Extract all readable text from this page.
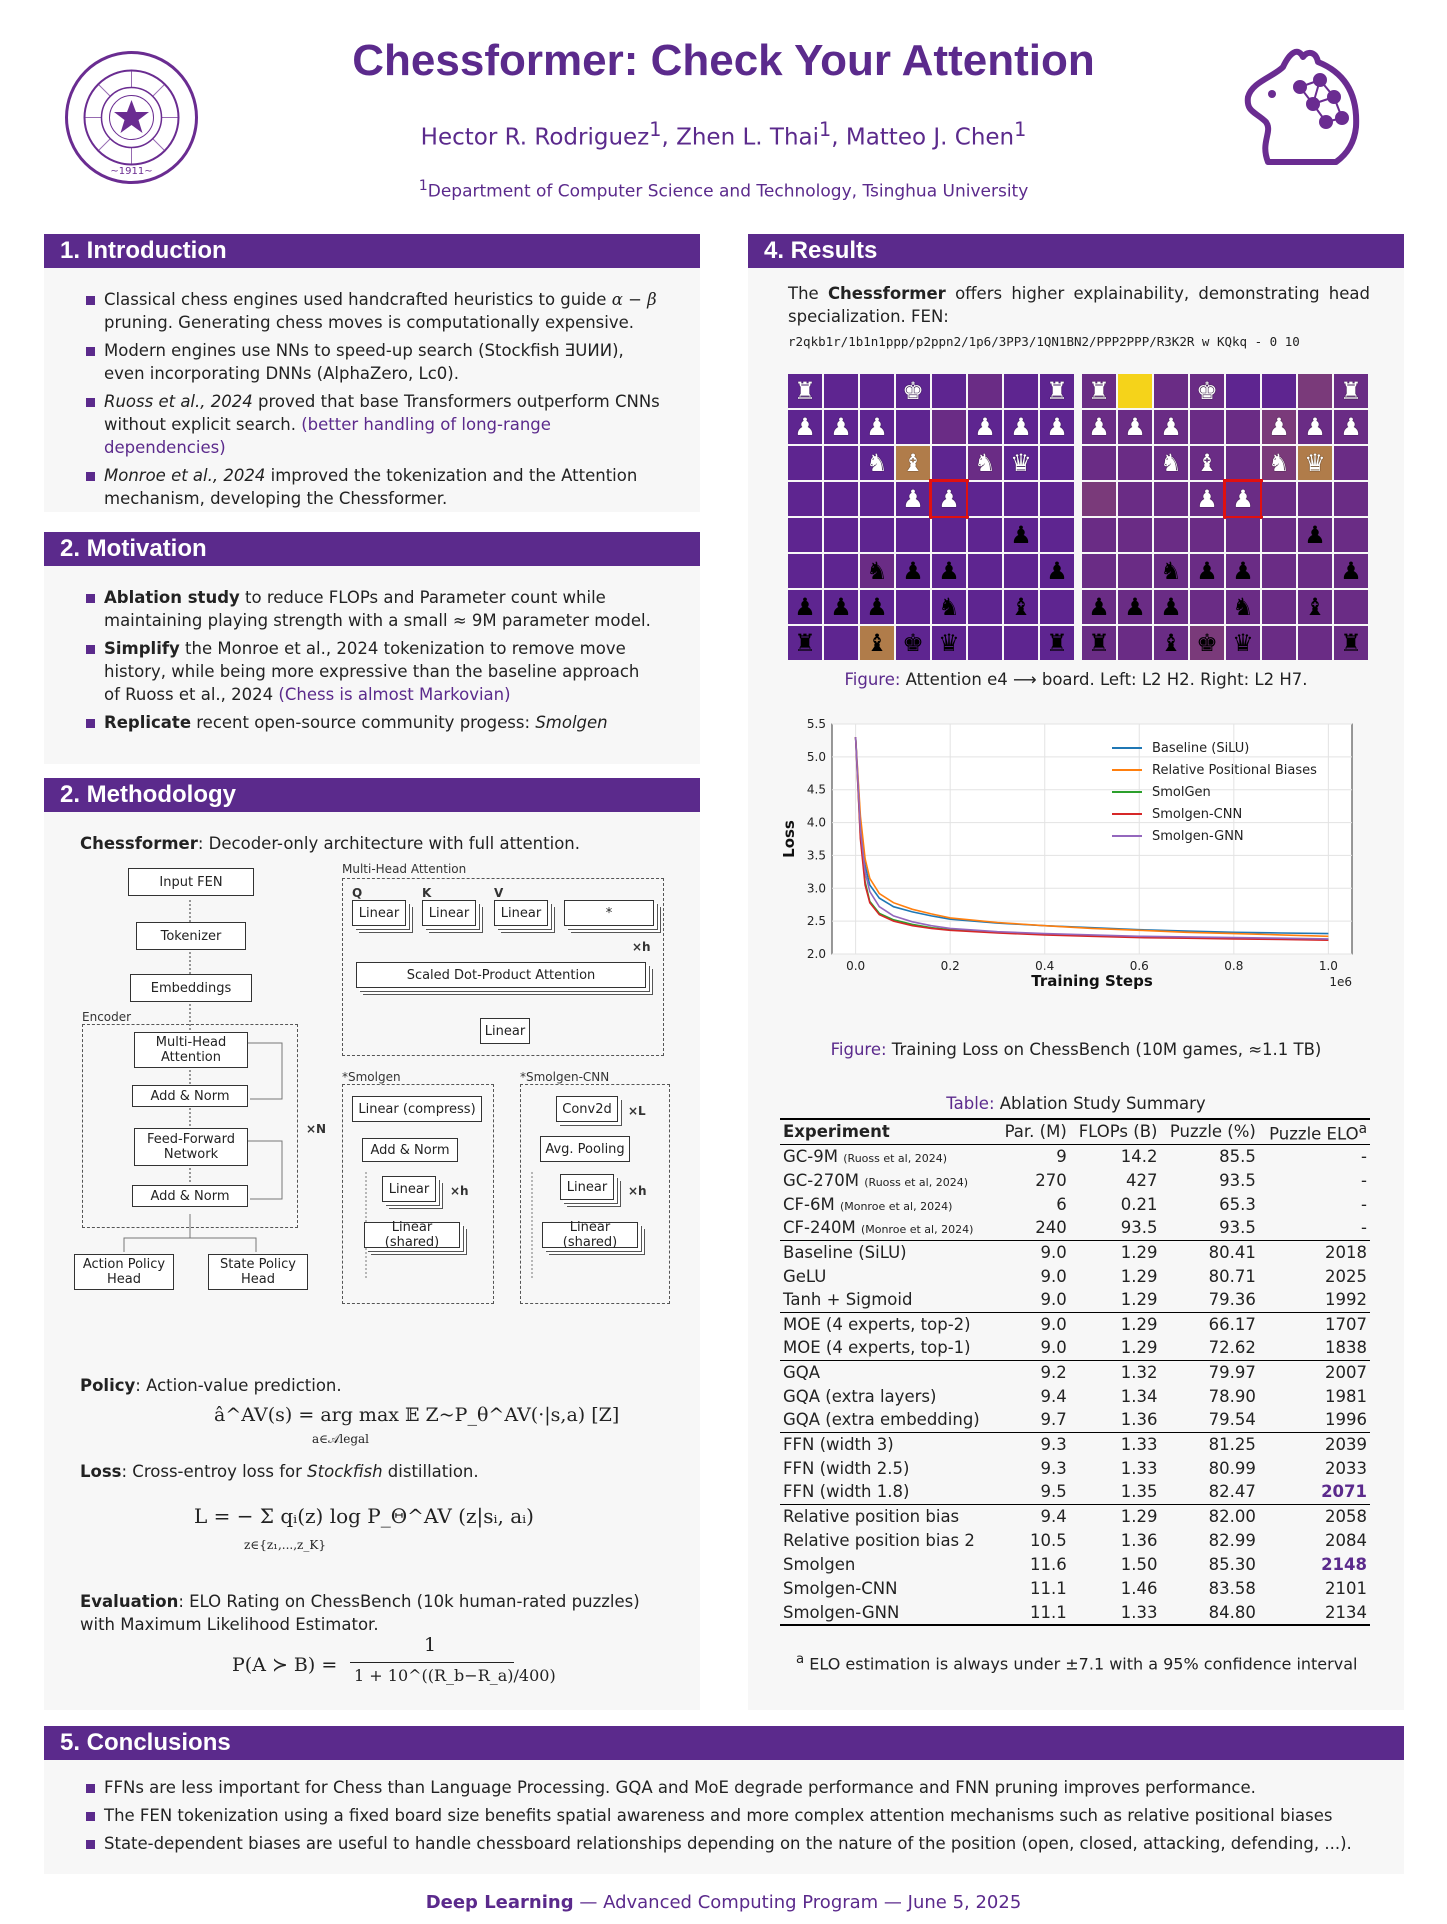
~1911~
Chessformer: Check Your Attention
Hector R. Rodriguez$^1$, Zhen L. Thai$^1$, Matteo J. Chen$^1$
$^1$Department of Computer Science and Technology, Tsinghua University
1. Introduction
Classical chess engines used handcrafted heuristics to guide α − β pruning. Generating chess moves is computationally expensive.
Modern engines use NNs to speed-up search (Stockfish ƎUИИ), even incorporating DNNs (AlphaZero, Lc0).
Ruoss et al., 2024 proved that base Transformers outperform CNNs without explicit search. (better handling of long-range dependencies)
Monroe et al., 2024 improved the tokenization and the Attention mechanism, developing the Chessformer.
2. Motivation
Ablation study to reduce FLOPs and Parameter count while maintaining playing strength with a small ≈ 9M parameter model.
Simplify the Monroe et al., 2024 tokenization to remove move history, while being more expressive than the baseline approach of Ruoss et al., 2024 (Chess is almost Markovian)
Replicate recent open-source community progess: Smolgen
2. Methodology
Chessformer: Decoder-only architecture with full attention.
Input FEN
Tokenizer
Embeddings
Encoder
Multi-Head Attention
Add & Norm
Feed-Forward Network
Add & Norm
×N
Action Policy Head
State Policy Head
Multi-Head Attention
Q	K	V
Linear	Linear	Linear	*
×h
Scaled Dot-Product Attention
Linear
*Smolgen
Linear (compress)
Add & Norm
Linear	×h
Linear (shared)
*Smolgen-CNN
Conv2d	×L
Avg. Pooling
Linear	×h
Linear (shared)
Policy: Action-value prediction.
â^AV(s) = arg max 𝔼 Z~P_θ^AV(·|s,a) [Z]
a∈𝒜legal
Loss: Cross-entroy loss for Stockfish distillation.
L = − Σ qᵢ(z) log P_Θ^AV (z|sᵢ, aᵢ)
z∈{z₁,...,z_K}
Evaluation: ELO Rating on ChessBench (10k human-rated puzzles) with Maximum Likelihood Estimator.
P(A ≻ B) =
1
1 + 10^((R_b−R_a)/400)
4. Results
The Chessformer offers higher explainability, demonstrating head specialization. FEN:
r2qkb1r/1b1n1ppp/p2ppn2/1p6/3PP3/1QN1BN2/PPP2PPP/R3K2R w KQkq - 0 10
♜	♚	♜
♟ ♟ ♟	♟ ♟ ♟
♞ ♝ ♞ ♛
♟ ♟
♟
♞ ♟ ♟	♟
♟ ♟ ♟ ♞ ♝
♜ ♝ ♚ ♛	♜
♜	♚	♜
♟ ♟ ♟	♟ ♟ ♟
♞ ♝ ♞ ♛
♟ ♟
♟
♞ ♟ ♟	♟
♟ ♟ ♟ ♞ ♝
♜ ♝ ♚ ♛	♜
Figure: Attention e4 ⟶ board. Left: L2 H2. Right: L2 H7.
2.0
2.5
3.0
3.5
4.0
4.5
5.0
5.5
0.0	0.2	0.4	0.6	0.8	1.0
Training Steps	1e6
Loss
Baseline (SiLU)
Relative Positional Biases
SmolGen
Smolgen-CNN
Smolgen-GNN
Figure: Training Loss on ChessBench (10M games, ≈1.1 TB)
Table: Ablation Study Summary
Experiment	Par. (M)	FLOPs (B)	Puzzle (%)	Puzzle ELO$^a$
GC-9M (Ruoss et al, 2024)	9	14.2	85.5	-
GC-270M (Ruoss et al, 2024)	270	427	93.5	-
CF-6M (Monroe et al, 2024)	6	0.21	65.3	-
CF-240M (Monroe et al, 2024)	240	93.5	93.5	-
Baseline (SiLU)	9.0	1.29	80.41	2018
GeLU	9.0	1.29	80.71	2025
Tanh + Sigmoid	9.0	1.29	79.36	1992
MOE (4 experts, top-2)	9.0	1.29	66.17	1707
MOE (4 experts, top-1)	9.0	1.29	72.62	1838
GQA	9.2	1.32	79.97	2007
GQA (extra layers)	9.4	1.34	78.90	1981
GQA (extra embedding)	9.7	1.36	79.54	1996
FFN (width 3)	9.3	1.33	81.25	2039
FFN (width 2.5)	9.3	1.33	80.99	2033
FFN (width 1.8)	9.5	1.35	82.47	2071
Relative position bias	9.4	1.29	82.00	2058
Relative position bias 2	10.5	1.36	82.99	2084
Smolgen	11.6	1.50	85.30	2148
Smolgen-CNN	11.1	1.46	83.58	2101
Smolgen-GNN	11.1	1.33	84.80	2134
$^a$ ELO estimation is always under ±7.1 with a 95% confidence interval
5. Conclusions
FFNs are less important for Chess than Language Processing. GQA and MoE degrade performance and FNN pruning improves performance.
The FEN tokenization using a fixed board size benefits spatial awareness and more complex attention mechanisms such as relative positional biases
State-dependent biases are useful to handle chessboard relationships depending on the nature of the position (open, closed, attacking, defending, ...).
Deep Learning — Advanced Computing Program — June 5, 2025
